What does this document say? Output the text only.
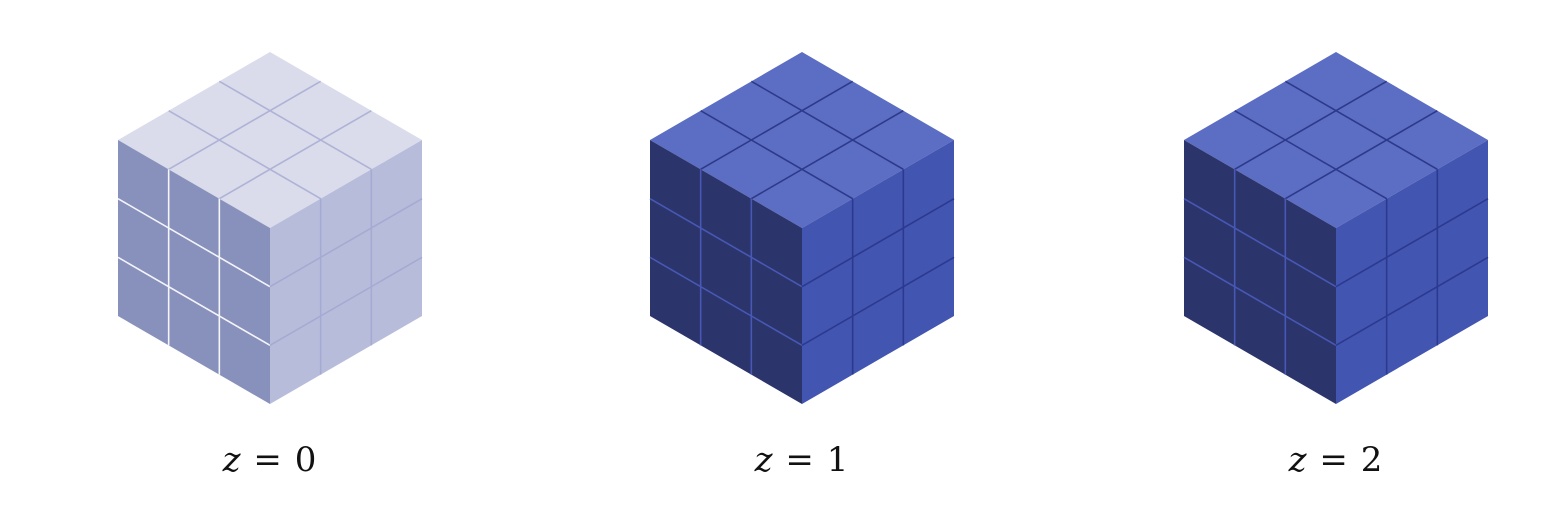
z = 0	z = 1	z = 2
